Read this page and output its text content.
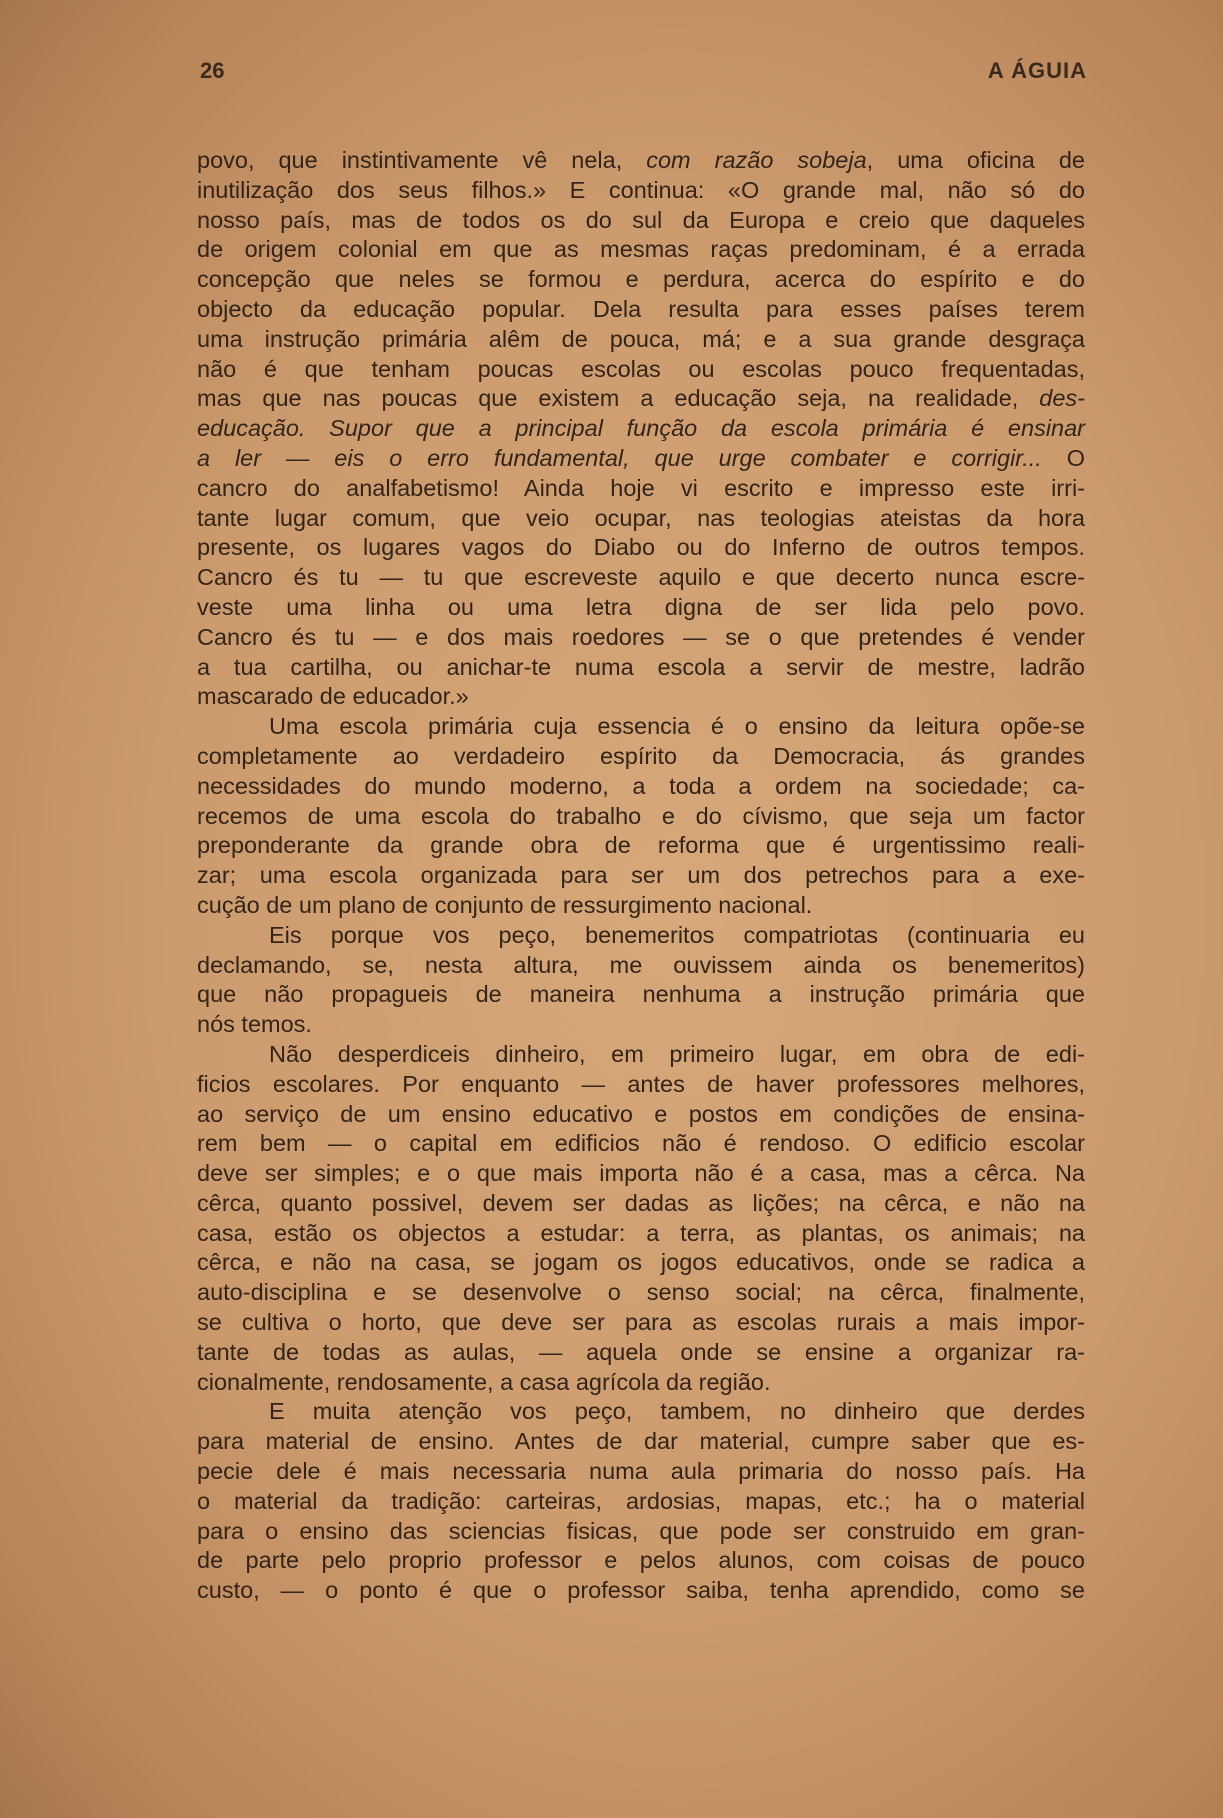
26	A ÁGUIA
povo, que instintivamente vê nela, com razão sobeja, uma oficina de
inutilização dos seus filhos.» E continua: «O grande mal, não só do
nosso país, mas de todos os do sul da Europa e creio que daqueles
de origem colonial em que as mesmas raças predominam, é a errada
concepção que neles se formou e perdura, acerca do espírito e do
objecto da educação popular. Dela resulta para esses países terem
uma instrução primária alêm de pouca, má; e a sua grande desgraça
não é que tenham poucas escolas ou escolas pouco frequentadas,
mas que nas poucas que existem a educação seja, na realidade, des-
educação. Supor que a principal função da escola primária é ensinar
a ler — eis o erro fundamental, que urge combater e corrigir... O
cancro do analfabetismo! Ainda hoje vi escrito e impresso este irri-
tante lugar comum, que veio ocupar, nas teologias ateistas da hora
presente, os lugares vagos do Diabo ou do Inferno de outros tempos.
Cancro és tu — tu que escreveste aquilo e que decerto nunca escre-
veste uma linha ou uma letra digna de ser lida pelo povo.
Cancro és tu — e dos mais roedores — se o que pretendes é vender
a tua cartilha, ou anichar-te numa escola a servir de mestre, ladrão
mascarado de educador.»
Uma escola primária cuja essencia é o ensino da leitura opõe-se
completamente ao verdadeiro espírito da Democracia, ás grandes
necessidades do mundo moderno, a toda a ordem na sociedade; ca-
recemos de uma escola do trabalho e do cívismo, que seja um factor
preponderante da grande obra de reforma que é urgentissimo reali-
zar; uma escola organizada para ser um dos petrechos para a exe-
cução de um plano de conjunto de ressurgimento nacional.
Eis porque vos peço, benemeritos compatriotas (continuaria eu
declamando, se, nesta altura, me ouvissem ainda os benemeritos)
que não propagueis de maneira nenhuma a instrução primária que
nós temos.
Não desperdiceis dinheiro, em primeiro lugar, em obra de edi-
ficios escolares. Por enquanto — antes de haver professores melhores,
ao serviço de um ensino educativo e postos em condições de ensina-
rem bem — o capital em edificios não é rendoso. O edificio escolar
deve ser simples; e o que mais importa não é a casa, mas a cêrca. Na
cêrca, quanto possivel, devem ser dadas as lições; na cêrca, e não na
casa, estão os objectos a estudar: a terra, as plantas, os animais; na
cêrca, e não na casa, se jogam os jogos educativos, onde se radica a
auto-disciplina e se desenvolve o senso social; na cêrca, finalmente,
se cultiva o horto, que deve ser para as escolas rurais a mais impor-
tante de todas as aulas, — aquela onde se ensine a organizar ra-
cionalmente, rendosamente, a casa agrícola da região.
E muita atenção vos peço, tambem, no dinheiro que derdes
para material de ensino. Antes de dar material, cumpre saber que es-
pecie dele é mais necessaria numa aula primaria do nosso país. Ha
o material da tradição: carteiras, ardosias, mapas, etc.; ha o material
para o ensino das sciencias fisicas, que pode ser construido em gran-
de parte pelo proprio professor e pelos alunos, com coisas de pouco
custo, — o ponto é que o professor saiba, tenha aprendido, como se
